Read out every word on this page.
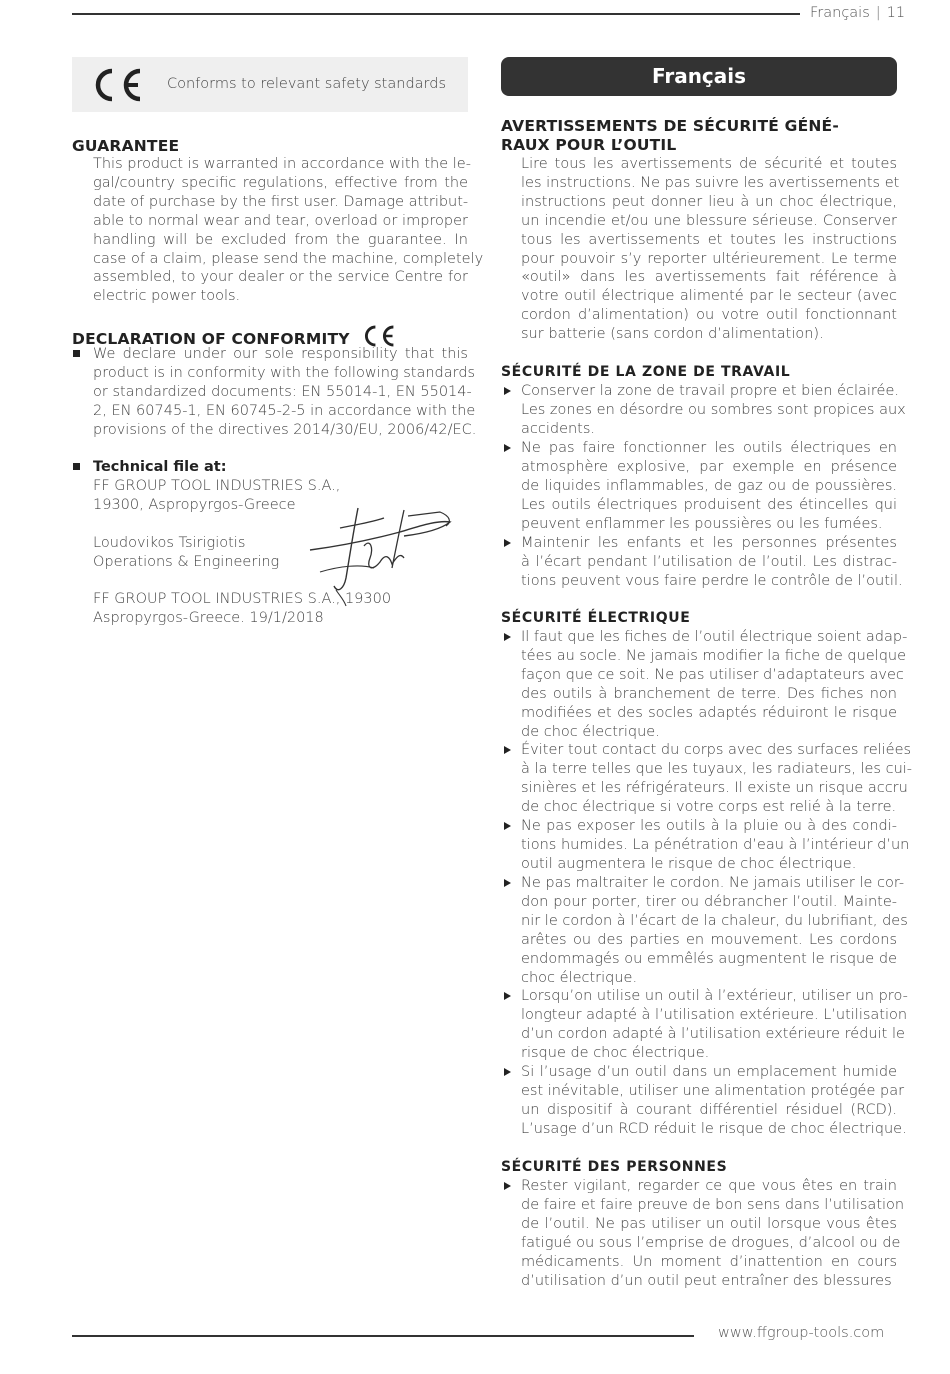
Français | 11
Conforms to relevant safety standards
GUARANTEE
This product is warranted in accordance with the le-
gal/country specific regulations, effective from the
date of purchase by the first user. Damage attribut-
able to normal wear and tear, overload or improper
handling will be excluded from the guarantee. In
case of a claim, please send the machine, completely
assembled, to your dealer or the service Centre for
electric power tools.
DECLARATION OF CONFORMITY
We declare under our sole responsibility that this
product is in conformity with the following standards
or standardized documents: EN 55014-1, EN 55014-
2, EN 60745-1, EN 60745-2-5 in accordance with the
provisions of the directives 2014/30/EU, 2006/42/EC.
Technical file at:
FF GROUP TOOL INDUSTRIES S.A.,
19300, Aspropyrgos-Greece

Loudovikos Tsirigiotis
Operations & Engineering

FF GROUP TOOL INDUSTRIES S.A., 19300
Aspropyrgos-Greece. 19/1/2018
Français
AVERTISSEMENTS DE SÉCURITÉ GÉNÉ-
RAUX POUR L’OUTIL
Lire tous les avertissements de sécurité et toutes
les instructions. Ne pas suivre les avertissements et
instructions peut donner lieu à un choc électrique,
un incendie et/ou une blessure sérieuse. Conserver
tous les avertissements et toutes les instructions
pour pouvoir s’y reporter ultérieurement. Le terme
«outil» dans les avertissements fait référence à
votre outil électrique alimenté par le secteur (avec
cordon d’alimentation) ou votre outil fonctionnant
sur batterie (sans cordon d’alimentation).
SÉCURITÉ DE LA ZONE DE TRAVAIL
Conserver la zone de travail propre et bien éclairée.
Les zones en désordre ou sombres sont propices aux
accidents.
Ne pas faire fonctionner les outils électriques en
atmosphère explosive, par exemple en présence
de liquides inflammables, de gaz ou de poussières.
Les outils électriques produisent des étincelles qui
peuvent enflammer les poussières ou les fumées.
Maintenir les enfants et les personnes présentes
à l’écart pendant l’utilisation de l’outil. Les distrac-
tions peuvent vous faire perdre le contrôle de l’outil.
SÉCURITÉ ÉLECTRIQUE
Il faut que les fiches de l’outil électrique soient adap-
tées au socle. Ne jamais modifier la fiche de quelque
façon que ce soit. Ne pas utiliser d’adaptateurs avec
des outils à branchement de terre. Des fiches non
modifiées et des socles adaptés réduiront le risque
de choc électrique.
Éviter tout contact du corps avec des surfaces reliées
à la terre telles que les tuyaux, les radiateurs, les cui-
sinières et les réfrigérateurs. Il existe un risque accru
de choc électrique si votre corps est relié à la terre.
Ne pas exposer les outils à la pluie ou à des condi-
tions humides. La pénétration d’eau à l’intérieur d’un
outil augmentera le risque de choc électrique.
Ne pas maltraiter le cordon. Ne jamais utiliser le cor-
don pour porter, tirer ou débrancher l’outil. Mainte-
nir le cordon à l’écart de la chaleur, du lubrifiant, des
arêtes ou des parties en mouvement. Les cordons
endommagés ou emmêlés augmentent le risque de
choc électrique.
Lorsqu’on utilise un outil à l’extérieur, utiliser un pro-
longteur adapté à l’utilisation extérieure. L’utilisation
d’un cordon adapté à l’utilisation extérieure réduit le
risque de choc électrique.
Si l’usage d’un outil dans un emplacement humide
est inévitable, utiliser une alimentation protégée par
un dispositif à courant différentiel résiduel (RCD).
L’usage d’un RCD réduit le risque de choc électrique.
SÉCURITÉ DES PERSONNES
Rester vigilant, regarder ce que vous êtes en train
de faire et faire preuve de bon sens dans l’utilisation
de l’outil. Ne pas utiliser un outil lorsque vous êtes
fatigué ou sous l’emprise de drogues, d’alcool ou de
médicaments. Un moment d’inattention en cours
d’utilisation d’un outil peut entraîner des blessures
www.ffgroup-tools.com
